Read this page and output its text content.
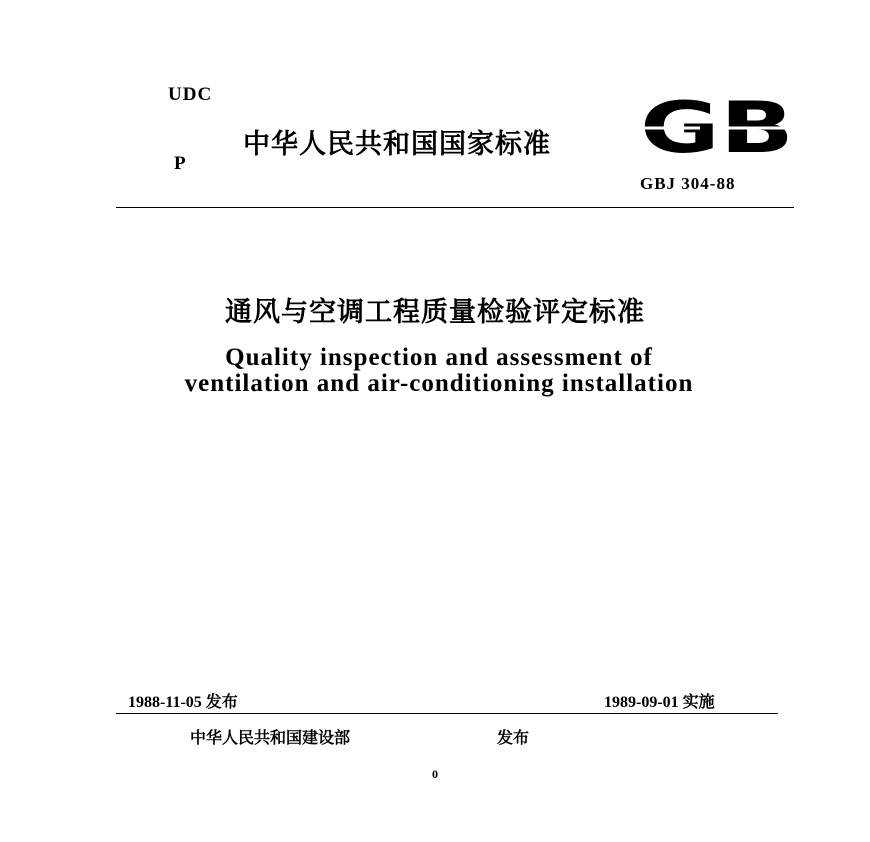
UDC
P
中华人民共和国国家标准 GB
GBJ 304-88
通风与空调工程质量检验评定标准
Quality inspection and assessment of
ventilation and air-conditioning installation
1988-11-05 发布	1989-09-01 实施
中华人民共和国建设部	发布
0
